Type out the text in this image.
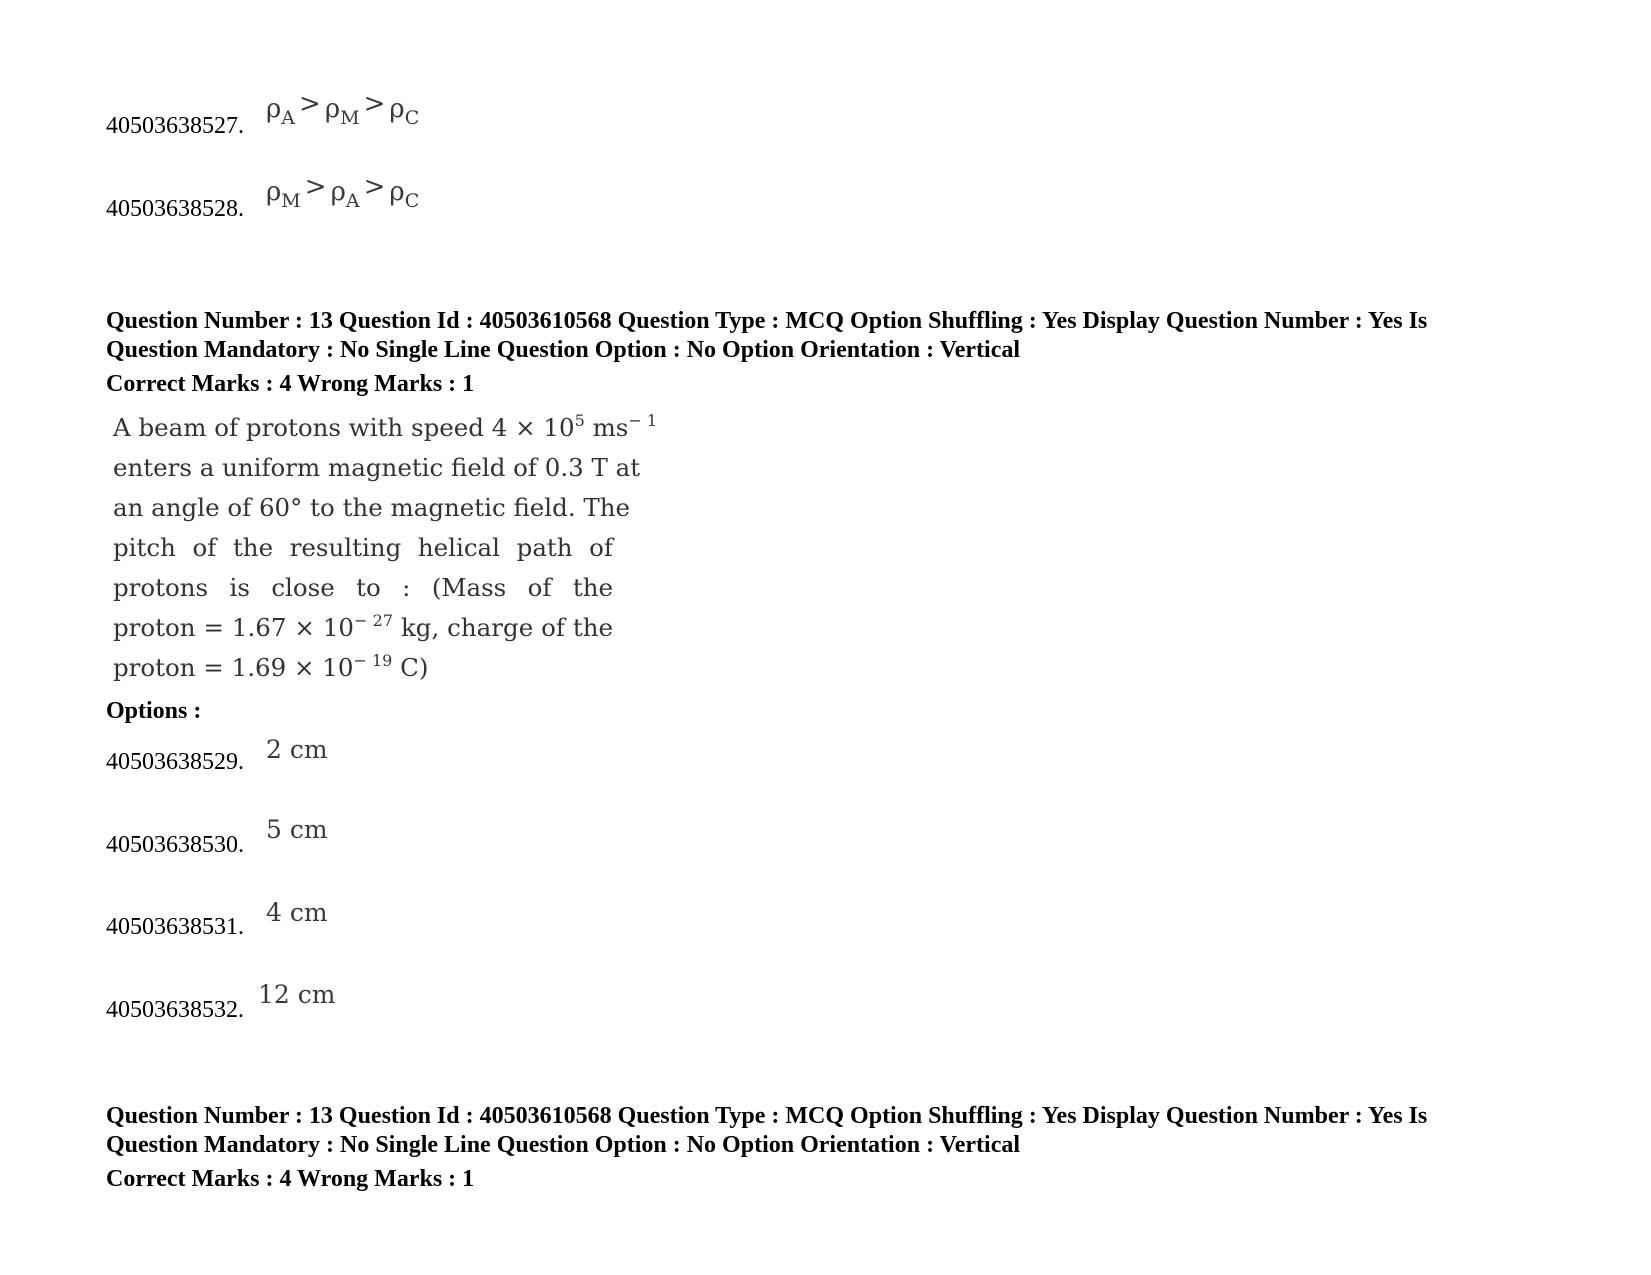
40503638527.
$\rho_A > \rho_M > \rho_C$
40503638528.
$\rho_M > \rho_A > \rho_C$
Question Number : 13 Question Id : 40503610568 Question Type : MCQ Option Shuffling : Yes Display Question Number : Yes Is
Question Mandatory : No Single Line Question Option : No Option Orientation : Vertical
Correct Marks : 4 Wrong Marks : 1
A beam of protons with speed $4 \times 10^5$ $ms^{- 1}$
enters a uniform magnetic field of 0.3 T at
an angle of 60° to the magnetic field. The
pitch of the resulting helical path of
protons is close to : (Mass of the
proton = $1.67 \times 10^{- 27}$ kg, charge of the
proton = $1.69 \times 10^{- 19}$ C)
Options :
40503638529. 2 cm
40503638530.
5 cm
40503638531. 4 cm
40503638532.
12 cm
Question Number : 13 Question Id : 40503610568 Question Type : MCQ Option Shuffling : Yes Display Question Number : Yes Is
Question Mandatory : No Single Line Question Option : No Option Orientation : Vertical
Correct Marks : 4 Wrong Marks : 1
